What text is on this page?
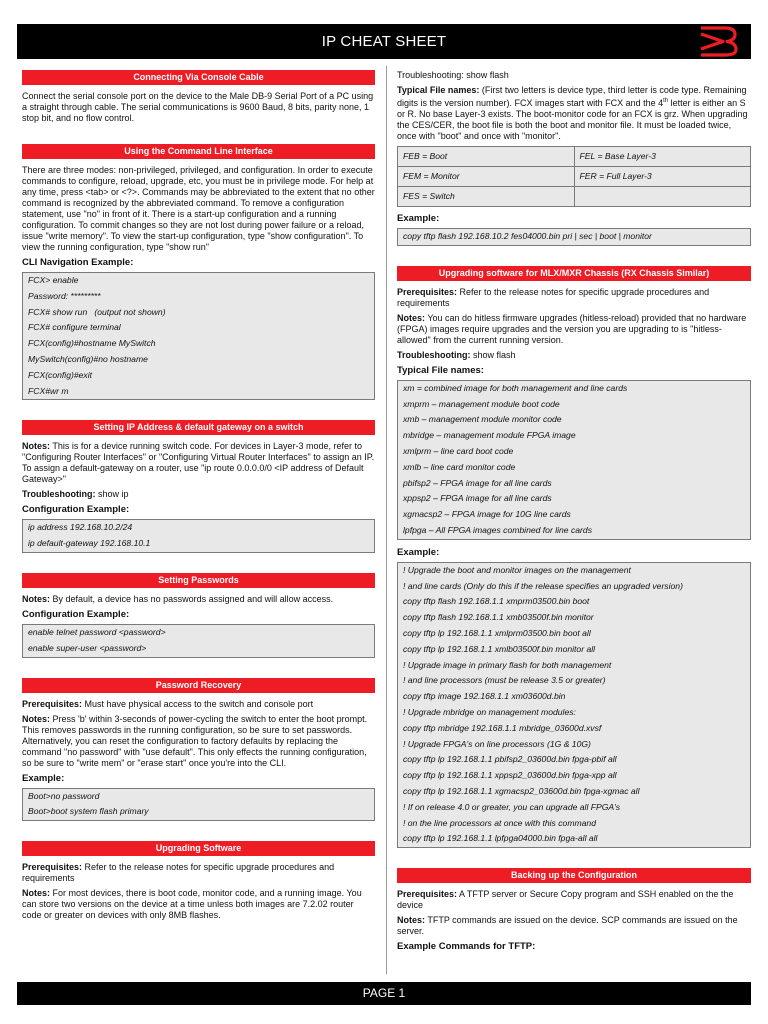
IP CHEAT SHEET
Connecting Via Console Cable

Connect the serial console port on the device to the Male DB-9 Serial Port of a PC using a straight through cable. The serial communications is 9600 Baud, 8 bits, parity none, 1 stop bit, and no flow control.

Using the Command Line Interface

There are three modes: non-privileged, privileged, and configuration. In order to execute commands to configure, reload, upgrade, etc, you must be in privilege mode. For help at any time, press <tab> or <?>. Commands may be abbreviated to the extent that no other command is recognized by the abbreviated command. To remove a configuration statement, use "no" in front of it. There is a start-up configuration and a running configuration. To commit changes so they are not lost during power failure or a reload, issue "write memory". To view the start-up configuration, type "show configuration". To view the running configuration, type "show run"

CLI Navigation Example:
FCX> enable
Password: *********
FCX# show run   (output not shown)
FCX# configure terminal
FCX(config)#hostname MySwitch
MySwitch(config)#no hostname
FCX(config)#exit
FCX#wr m
Setting IP Address & default gateway on a switch

Notes: This is for a device running switch code. For devices in Layer-3 mode, refer to "Configuring Router Interfaces" or "Configuring Virtual Router Interfaces" to assign an IP. To assign a default-gateway on a router, use "ip route 0.0.0.0/0 <IP address of Default Gateway>"

Troubleshooting: show ip

Configuration Example:
ip address 192.168.10.2/24
ip default-gateway 192.168.10.1
Setting Passwords

Notes: By default, a device has no passwords assigned and will allow access.

Configuration Example:
enable telnet password <password>
enable super-user <password>
Password Recovery

Prerequisites: Must have physical access to the switch and console port

Notes: Press 'b' within 3-seconds of power-cycling the switch to enter the boot prompt. This removes passwords in the running configuration, so be sure to set passwords. Alternatively, you can reset the configuration to factory defaults by replacing the command "no password" with "use default". This only effects the running configuration, so be sure to "write mem" or "erase start" once you're into the CLI.

Example:
Boot>no password
Boot>boot system flash primary
Upgrading Software

Prerequisites: Refer to the release notes for specific upgrade procedures and requirements

Notes: For most devices, there is boot code, monitor code, and a running image. You can store two versions on the device at a time unless both images are 7.2.02 router code or greater on devices with only 8MB flashes.

Troubleshooting: show flash

Typical File names: (First two letters is device type, third letter is code type. Remaining digits is the version number). FCX images start with FCX and the 4th letter is either an S or R. No base Layer-3 exists. The boot-monitor code for an FCX is grz. When upgrading the CES/CER, the boot file is both the boot and monitor file. It must be loaded twice, once with "boot" and once with "monitor".

FEB = Boot	FEL = Base Layer-3
FEM = Monitor	FER = Full Layer-3
FES = Switch	
Example:
copy tftp flash 192.168.10.2 fes04000.bin pri | sec | boot | monitor
Upgrading software for MLX/MXR Chassis (RX Chassis Similar)

Prerequisites: Refer to the release notes for specific upgrade procedures and requirements

Notes: You can do hitless firmware upgrades (hitless-reload) provided that no hardware (FPGA) images require upgrades and the version you are upgrading to is "hitless-allowed" from the current running version.

Troubleshooting: show flash

Typical File names:
xm = combined image for both management and line cards
xmprm – management module boot code
xmb – management module monitor code
mbridge – management module FPGA image
xmlprm – line card boot code
xmlb – line card monitor code
pbifsp2 – FPGA image for all line cards
xppsp2 – FPGA image for all line cards
xgmacsp2 – FPGA image for 10G line cards
lpfpga – All FPGA images combined for line cards
Example:
! Upgrade the boot and monitor images on the management
! and line cards (Only do this if the release specifies an upgraded version)
copy tftp flash 192.168.1.1 xmprm03500.bin boot
copy tftp flash 192.168.1.1 xmb03500f.bin monitor
copy tftp lp 192.168.1.1 xmlprm03500.bin boot all
copy tftp lp 192.168.1.1 xmlb03500f.bin monitor all
! Upgrade image in primary flash for both management
! and line processors (must be release 3.5 or greater)
copy tftp image 192.168.1.1 xm03600d.bin
! Upgrade mbridge on management modules:
copy tftp mbridge 192.168.1.1 mbridge_03600d.xvsf
! Upgrade FPGA's on line processors (1G & 10G)
copy tftp lp 192.168.1.1 pbifsp2_03600d.bin fpga-pbif all
copy tftp lp 192.168.1.1 xppsp2_03600d.bin fpga-xpp all
copy tftp lp 192.168.1.1 xgmacsp2_03600d.bin fpga-xgmac all
! If on release 4.0 or greater, you can upgrade all FPGA's
! on the line processors at once with this command
copy tftp lp 192.168.1.1 lpfpga04000.bin fpga-all all
Backing up the Configuration

Prerequisites: A TFTP server or Secure Copy program and SSH enabled on the the device

Notes: TFTP commands are issued on the device. SCP commands are issued on the server.

Example Commands for TFTP:
PAGE 1
